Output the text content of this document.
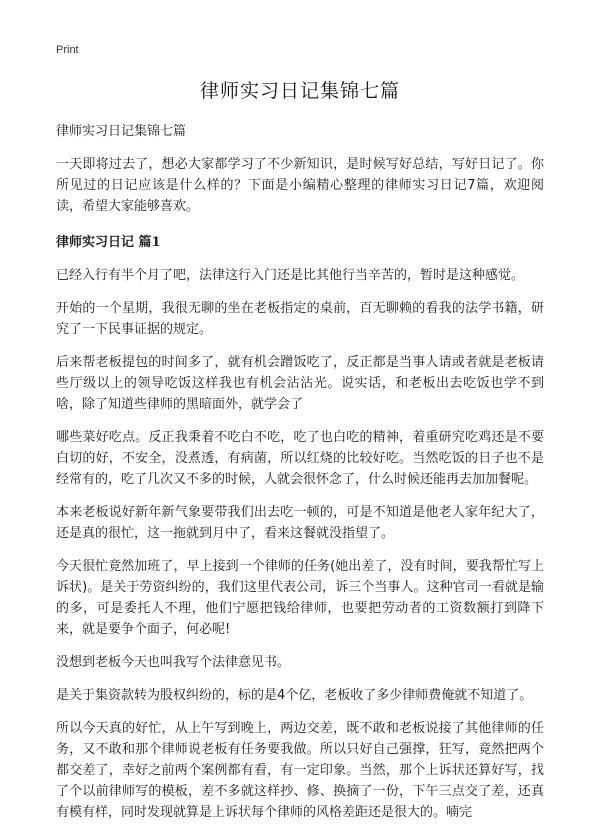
Print
律师实习日记集锦七篇

律师实习日记集锦七篇

一天即将过去了，想必大家都学习了不少新知识，是时候写好总结，写好日记了。你所见过的日记应该是什么样的？下面是小编精心整理的律师实习日记7篇，欢迎阅读，希望大家能够喜欢。

律师实习日记 篇1

已经入行有半个月了吧，法律这行入门还是比其他行当辛苦的，暂时是这种感觉。

开始的一个星期，我很无聊的坐在老板指定的桌前，百无聊赖的看我的法学书籍，研究了一下民事证据的规定。

后来帮老板提包的时间多了，就有机会蹭饭吃了，反正都是当事人请或者就是老板请些厅级以上的领导吃饭这样我也有机会沾沾光。说实话，和老板出去吃饭也学不到啥，除了知道些律师的黑暗面外，就学会了

哪些菜好吃点。反正我秉着不吃白不吃，吃了也白吃的精神，着重研究吃鸡还是不要白切的好，不安全，没煮透，有病菌，所以红烧的比较好吃。当然吃饭的日子也不是经常有的，吃了几次又不多的时候，人就会很怀念了，什么时候还能再去加加餐呢。

本来老板说好新年新气象要带我们出去吃一顿的，可是不知道是他老人家年纪大了，还是真的很忙，这一拖就到月中了，看来这餐就没指望了。

今天很忙竟然加班了，早上接到一个律师的任务(她出差了，没有时间，要我帮忙写上诉状)。是关于劳资纠纷的，我们这里代表公司，诉三个当事人。这种官司一看就是输的多，可是委托人不理，他们宁愿把钱给律师，也要把劳动者的工资数额打到降下来，就是要争个面子，何必呢!

没想到老板今天也叫我写个法律意见书。

是关于集资款转为股权纠纷的，标的是4个亿，老板收了多少律师费俺就不知道了。

所以今天真的好忙，从上午写到晚上，两边交差，既不敢和老板说接了其他律师的任务，又不敢和那个律师说老板有任务要我做。所以只好自己强撑，狂写，竟然把两个都交差了，幸好之前两个案例都有看，有一定印象。当然，那个上诉状还算好写，找了个以前律师写的模板，差不多就这样抄、修、换摘了一份，下午三点交了差，还真有模有样，同时发现就算是上诉状每个律师的风格差距还是很大的。喃完
